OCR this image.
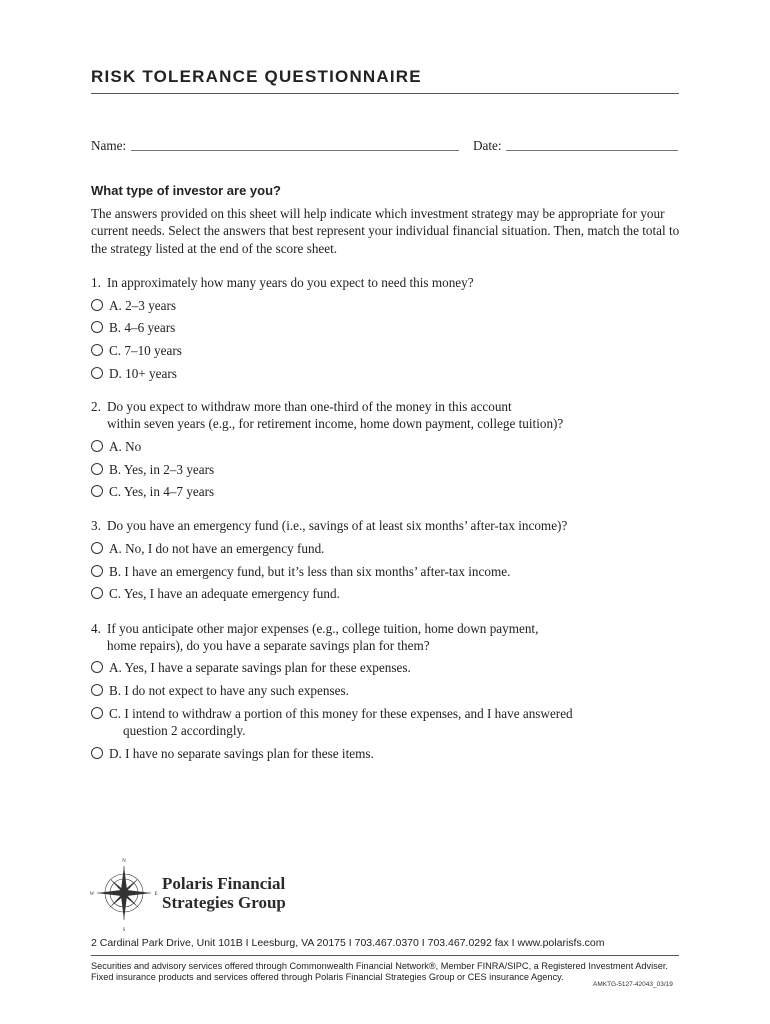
RISK TOLERANCE QUESTIONNAIRE
Name:	Date:
What type of investor are you?
The answers provided on this sheet will help indicate which investment strategy may be appropriate for your current needs. Select the answers that best represent your individual financial situation. Then, match the total to the strategy listed at the end of the score sheet.
1. In approximately how many years do you expect to need this money?
A. 2–3 years
B. 4–6 years
C. 7–10 years
D. 10+ years
2. Do you expect to withdraw more than one-third of the money in this account
within seven years (e.g., for retirement income, home down payment, college tuition)?
A. No
B. Yes, in 2–3 years
C. Yes, in 4–7 years
3. Do you have an emergency fund (i.e., savings of at least six months’ after-tax income)?
A. No, I do not have an emergency fund.
B. I have an emergency fund, but it’s less than six months’ after-tax income.
C. Yes, I have an adequate emergency fund.
4. If you anticipate other major expenses (e.g., college tuition, home down payment,
home repairs), do you have a separate savings plan for them?
A. Yes, I have a separate savings plan for these expenses.
B. I do not expect to have any such expenses.
C. I intend to withdraw a portion of this money for these expenses, and I have answered
question 2 accordingly.
D. I have no separate savings plan for these items.
N
S
W	E
Polaris Financial
Strategies Group
2 Cardinal Park Drive, Unit 101B I Leesburg, VA 20175 I 703.467.0370 I 703.467.0292 fax I www.polarisfs.com
Securities and advisory services offered through Commonwealth Financial Network®, Member FINRA/SIPC, a Registered Investment Adviser.
Fixed insurance products and services offered through Polaris Financial Strategies Group or CES insurance Agency.
AMKTG-5127-42043_03/19
